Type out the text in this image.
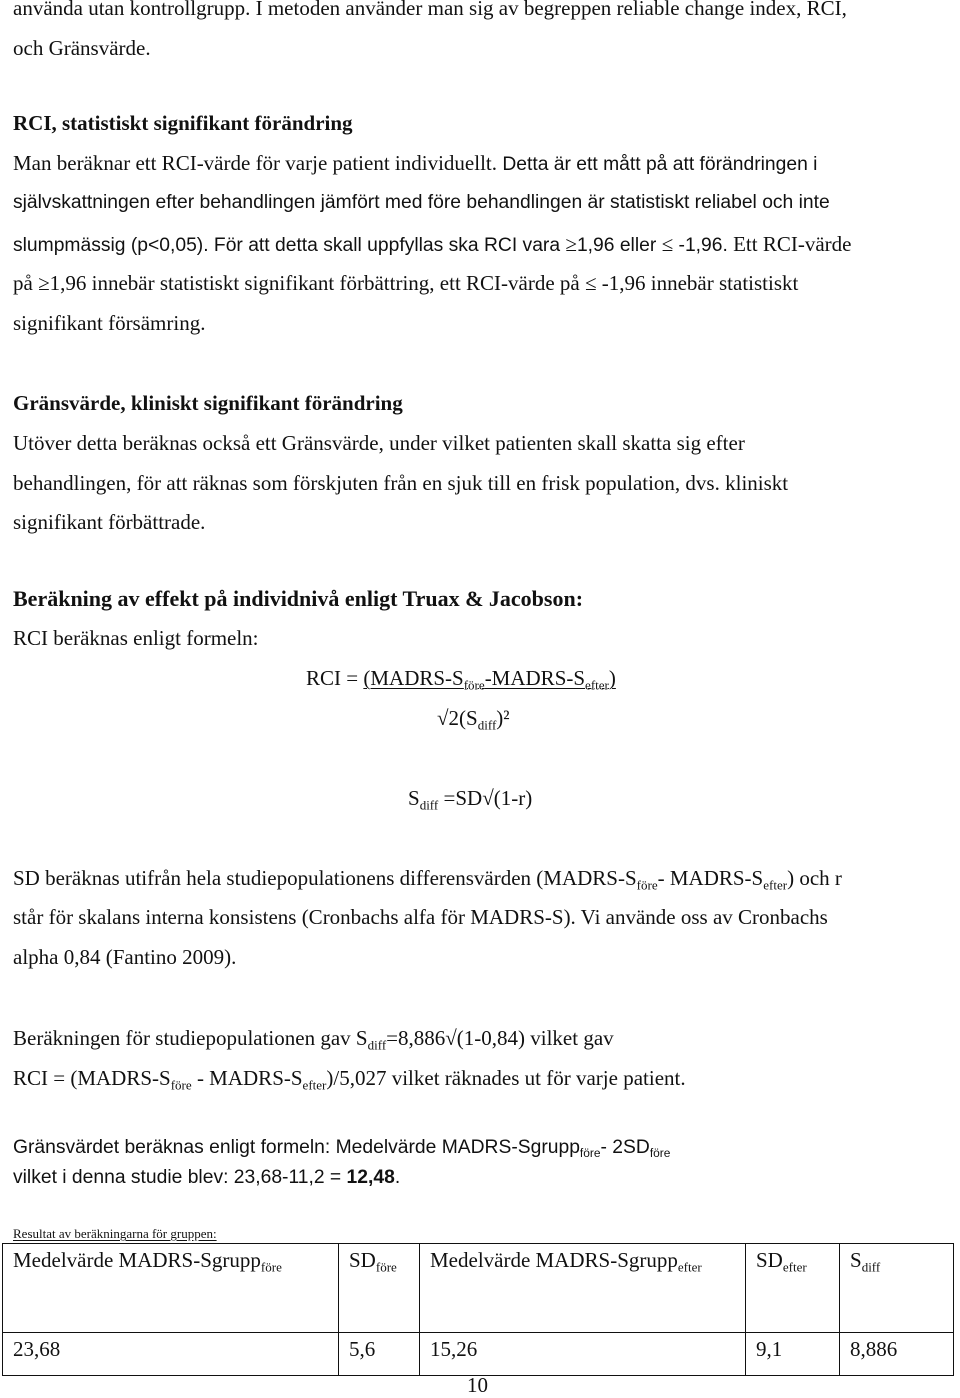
använda utan kontrollgrupp. I metoden använder man sig av begreppen reliable change index, RCI,
och Gränsvärde.
RCI, statistiskt signifikant förändring
Man beräknar ett RCI-värde för varje patient individuellt. Detta är ett mått på att förändringen i
självskattningen efter behandlingen jämfört med före behandlingen är statistiskt reliabel och inte
slumpmässig (p<0,05). För att detta skall uppfyllas ska RCI vara ≥1,96 eller ≤ -1,96. Ett RCI-värde
på ≥1,96 innebär statistiskt signifikant förbättring, ett RCI-värde på ≤ -1,96 innebär statistiskt
signifikant försämring.
Gränsvärde, kliniskt signifikant förändring
Utöver detta beräknas också ett Gränsvärde, under vilket patienten skall skatta sig efter
behandlingen, för att räknas som förskjuten från en sjuk till en frisk population, dvs. kliniskt
signifikant förbättrade.
Beräkning av effekt på individnivå enligt Truax & Jacobson:
RCI beräknas enligt formeln:
RCI = $(MADRS-S_{före}-MADRS-S_{efter})$
$√2(S_{diff})^2$
$S_{diff} =SD√(1-r)$
SD beräknas utifrån hela studiepopulationens differensvärden ($MADRS-S_{före}-$ MADRS-$S_{efter}$) och r
står för skalans interna konsistens (Cronbachs alfa för MADRS-S). Vi använde oss av Cronbachs
alpha 0,84 (Fantino 2009).
Beräkningen för studiepopulationen gav $S_{diff}=8,886√(1-0,84)$ vilket gav
RCI = ($MADRS-S_{före}$ - MADRS-$S_{efter})/5,027$ vilket räknades ut för varje patient.
Gränsvärdet beräknas enligt formeln: Medelvärde MADRS-Sgrupp$_{före}$- $2SD_{före}$
vilket i denna studie blev: 23,68-11,2 = 12,48.
Resultat av beräkningarna för gruppen:
Medelvärde MADRS-Sgrupp$_{före}$	$SD_{före}$	Medelvärde MADRS-Sgrupp$_{efter}$	$SD_{efter}$	$S_{diff}$
23,68	5,6	15,26	9,1	8,886
10
